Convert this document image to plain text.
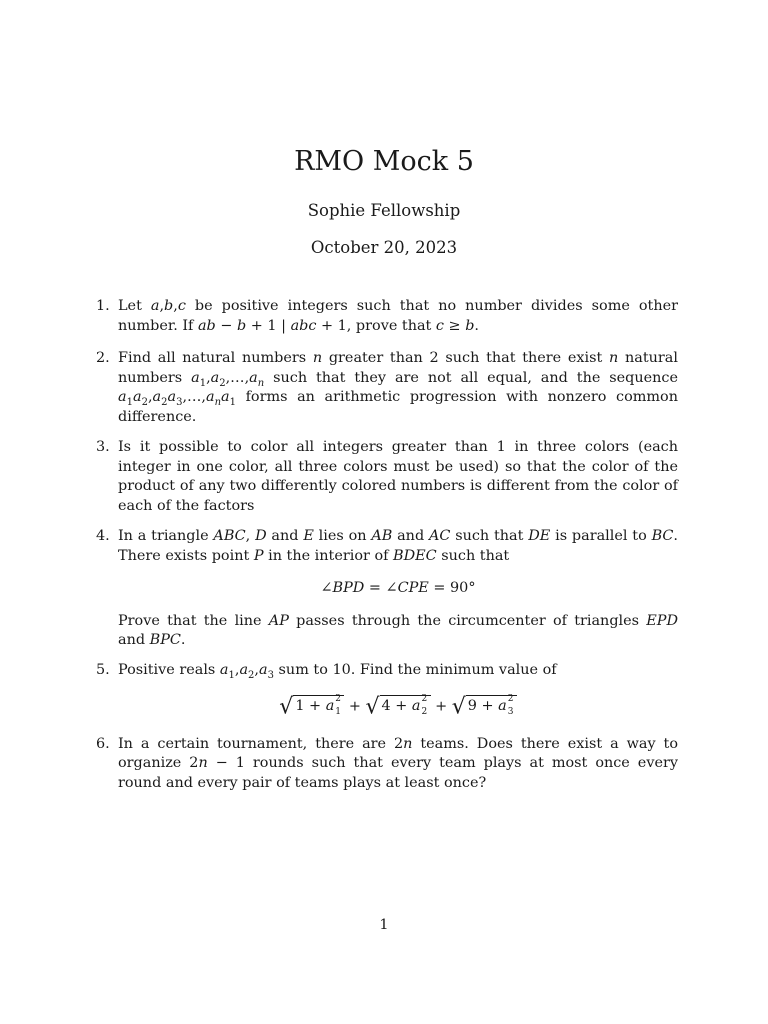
RMO Mock 5
Sophie Fellowship
October 20, 2023
1. Let a,b,c be positive integers such that no number divides some other number. If ab − b + 1 | abc + 1, prove that c ≥ b.
2. Find all natural numbers n greater than 2 such that there exist n natural numbers $a_1,a_2,\dots,a_n$ such that they are not all equal, and the sequence $a_1a_2,a_2a_3,\dots,a_na_1$ forms an arithmetic progression with nonzero common difference.
3. Is it possible to color all integers greater than 1 in three colors (each integer in one color, all three colors must be used) so that the color of the product of any two differently colored numbers is different from the color of each of the factors
4. In a triangle ABC, D and E lies on AB and AC such that DE is parallel to BC. There exists point P in the interior of BDEC such that
∠BPD = ∠CPE = 90°
Prove that the line AP passes through the circumcenter of triangles EPD and BPC.
5. Positive reals $a_1,a_2,a_3$ sum to 10. Find the minimum value of
√ 1 + a 2
1 + √ 4 + a 2
2 + √ 9 + a 2
3
6. In a certain tournament, there are 2n teams. Does there exist a way to organize 2n − 1 rounds such that every team plays at most once every round and every pair of teams plays at least once?
1
